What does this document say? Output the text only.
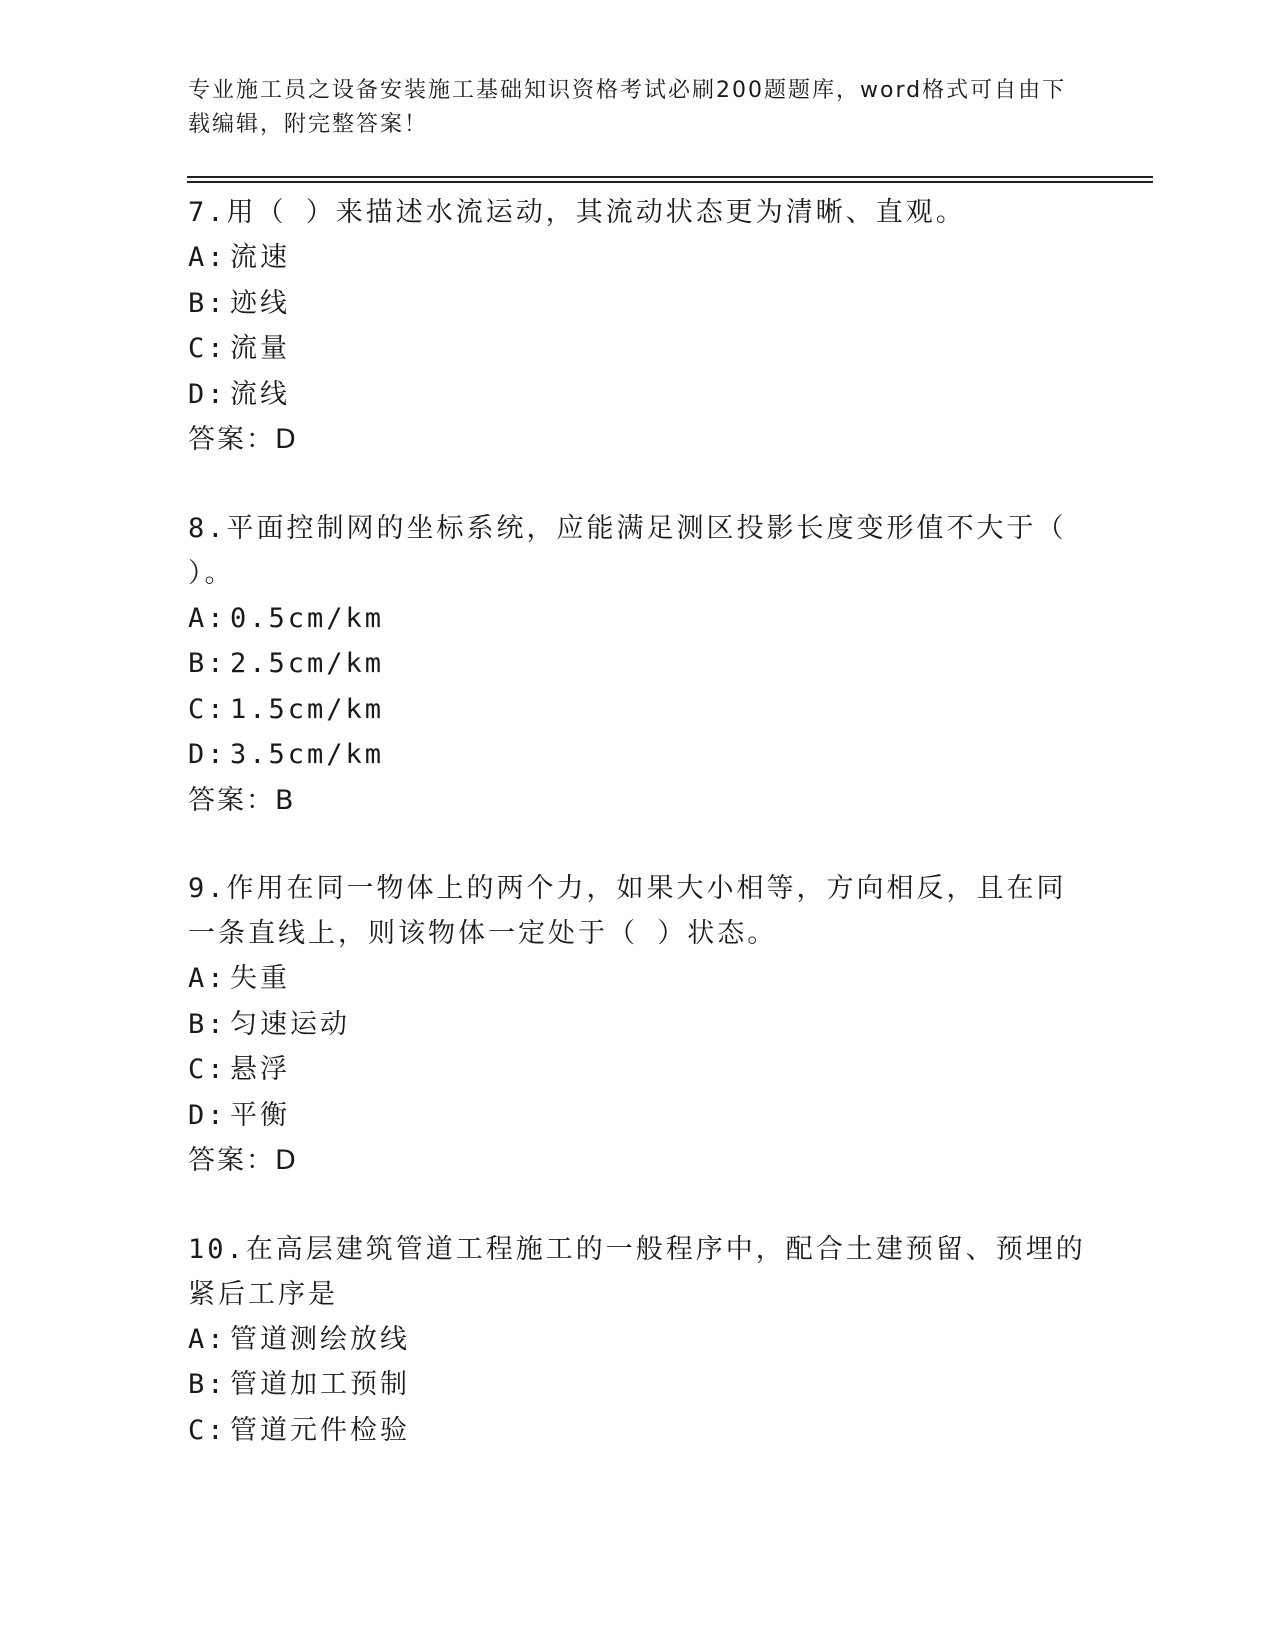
专业施工员之设备安装施工基础知识资格考试必刷200题题库，word格式可自由下载编辑，附完整答案！
7.用（ ）来描述水流运动，其流动状态更为清晰、直观。
A: 流速
B: 迹线
C: 流量
D: 流线
答案：D
8.平面控制网的坐标系统，应能满足测区投影长度变形值不大于（ ）。
A: 0.5cm/km
B: 2.5cm/km
C: 1.5cm/km
D: 3.5cm/km
答案：B
9.作用在同一物体上的两个力，如果大小相等，方向相反，且在同一条直线上，则该物体一定处于（ ）状态。
A: 失重
B: 匀速运动
C: 悬浮
D: 平衡
答案：D
10.在高层建筑管道工程施工的一般程序中，配合土建预留、预埋的紧后工序是
A: 管道测绘放线
B: 管道加工预制
C: 管道元件检验
